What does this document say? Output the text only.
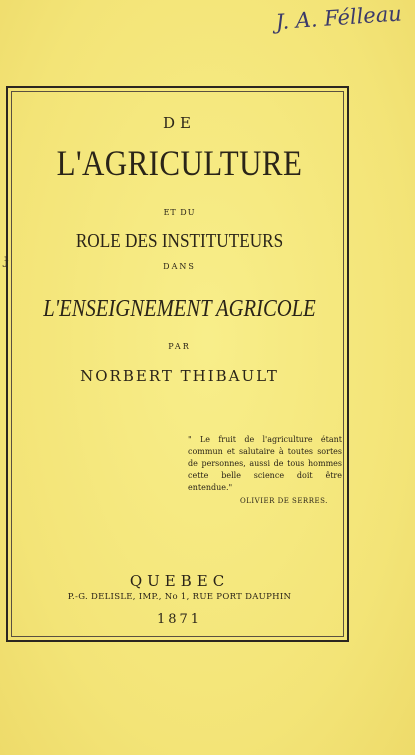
J. A. Félleau
ɟ
DE
L'AGRICULTURE
ET DU
ROLE DES INSTITUTEURS
DANS
L'ENSEIGNEMENT AGRICOLE
PAR
NORBERT THIBAULT
" Le fruit de l'agriculture étant commun et salutaire à toutes sortes de personnes, aussi de tous hommes cette belle science doit être entendue."
OLIVIER DE SERRES.
QUEBEC
P.-G. DELISLE, IMP., No 1, RUE PORT DAUPHIN
1871
